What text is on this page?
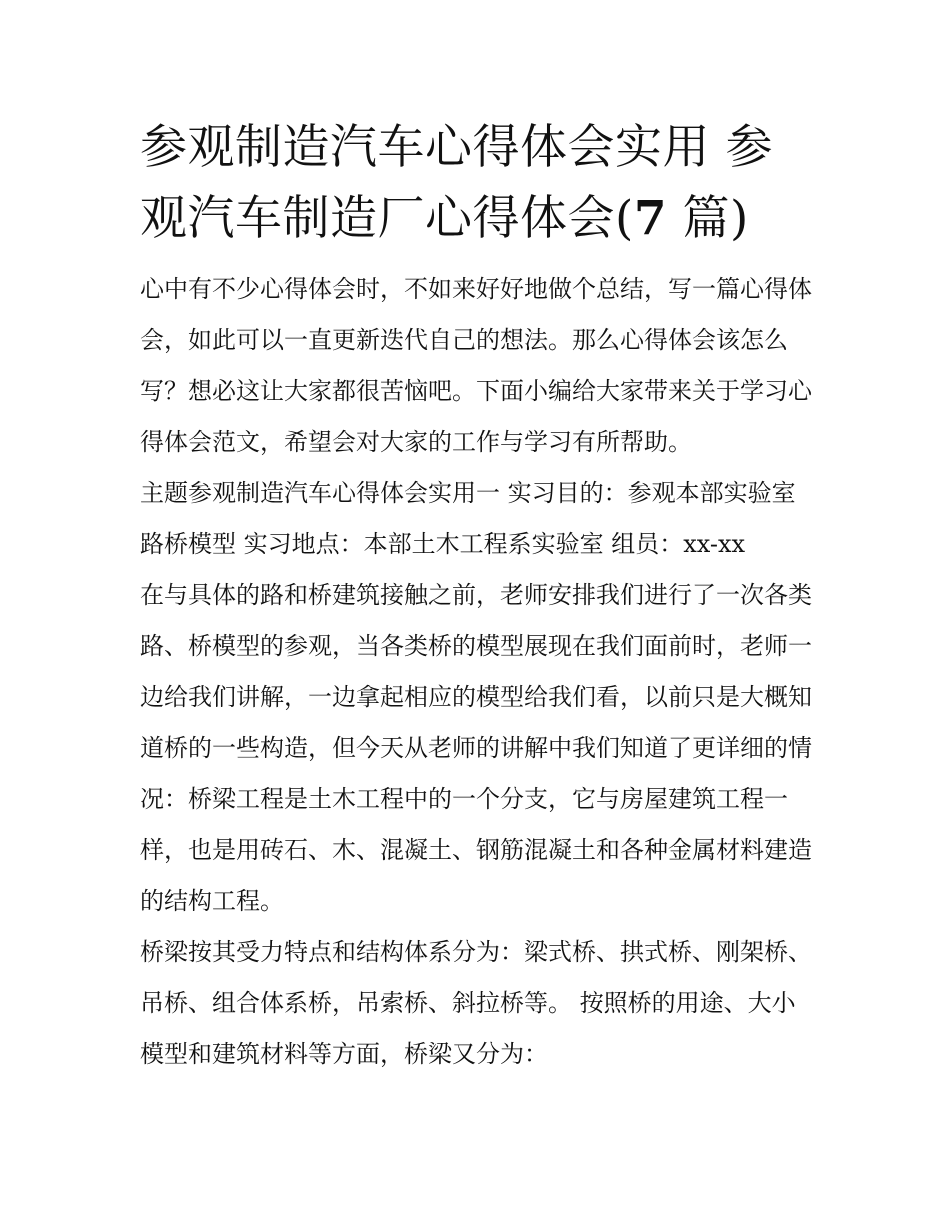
参观制造汽车心得体会实用 参观汽车制造厂心得体会(7 篇)

心中有不少心得体会时，不如来好好地做个总结，写一篇心得体会，如此可以一直更新迭代自己的想法。那么心得体会该怎么写？想必这让大家都很苦恼吧。下面小编给大家带来关于学习心得体会范文，希望会对大家的工作与学习有所帮助。

主题参观制造汽车心得体会实用一 实习目的：参观本部实验室路桥模型 实习地点：本部土木工程系实验室 组员：xx-xx

在与具体的路和桥建筑接触之前，老师安排我们进行了一次各类路、桥模型的参观，当各类桥的模型展现在我们面前时，老师一边给我们讲解，一边拿起相应的模型给我们看，以前只是大概知道桥的一些构造，但今天从老师的讲解中我们知道了更详细的情况：桥梁工程是土木工程中的一个分支，它与房屋建筑工程一样，也是用砖石、木、混凝土、钢筋混凝土和各种金属材料建造的结构工程。

桥梁按其受力特点和结构体系分为：梁式桥、拱式桥、刚架桥、吊桥、组合体系桥，吊索桥、斜拉桥等。 按照桥的用途、大小模型和建筑材料等方面，桥梁又分为：
